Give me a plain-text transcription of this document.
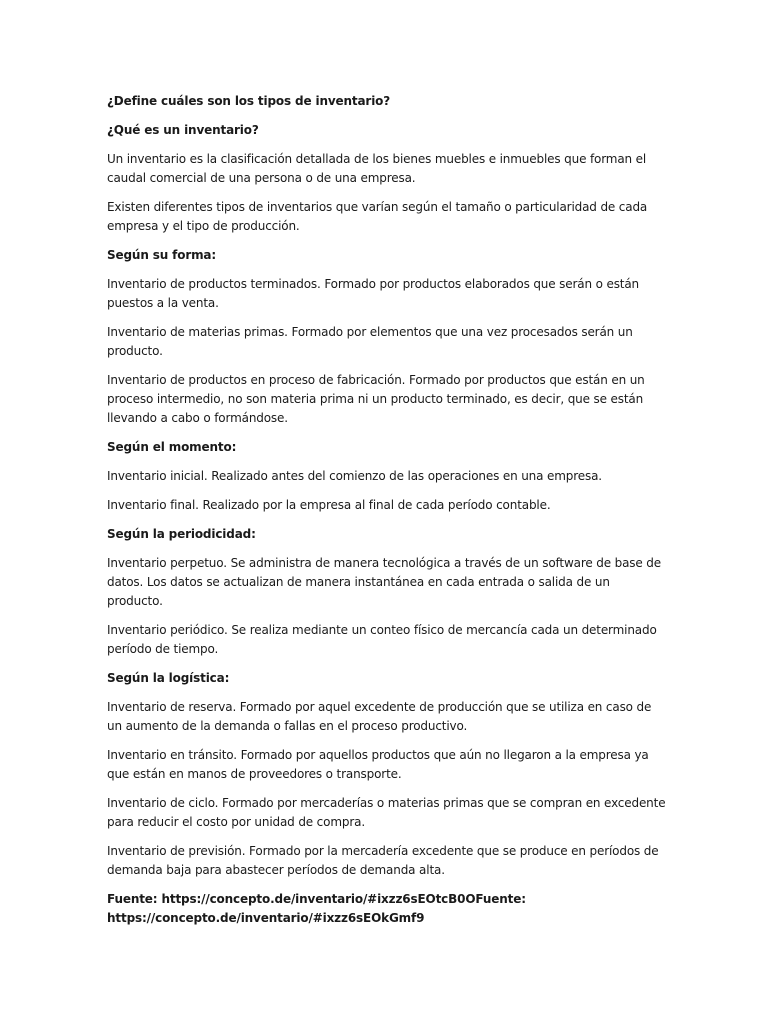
¿Define cuáles son los tipos de inventario?

¿Qué es un inventario?

Un inventario es la clasificación detallada de los bienes muebles e inmuebles que forman el caudal comercial de una persona o de una empresa.

Existen diferentes tipos de inventarios que varían según el tamaño o particularidad de cada empresa y el tipo de producción.

Según su forma:

Inventario de productos terminados. Formado por productos elaborados que serán o están puestos a la venta.

Inventario de materias primas. Formado por elementos que una vez procesados serán un producto.

Inventario de productos en proceso de fabricación. Formado por productos que están en un proceso intermedio, no son materia prima ni un producto terminado, es decir, que se están llevando a cabo o formándose.

Según el momento:

Inventario inicial. Realizado antes del comienzo de las operaciones en una empresa.

Inventario final. Realizado por la empresa al final de cada período contable.

Según la periodicidad:

Inventario perpetuo. Se administra de manera tecnológica a través de un software de base de datos. Los datos se actualizan de manera instantánea en cada entrada o salida de un producto.

Inventario periódico. Se realiza mediante un conteo físico de mercancía cada un determinado período de tiempo.

Según la logística:

Inventario de reserva. Formado por aquel excedente de producción que se utiliza en caso de un aumento de la demanda o fallas en el proceso productivo.

Inventario en tránsito. Formado por aquellos productos que aún no llegaron a la empresa ya que están en manos de proveedores o transporte.

Inventario de ciclo. Formado por mercaderías o materias primas que se compran en excedente para reducir el costo por unidad de compra.

Inventario de previsión. Formado por la mercadería excedente que se produce en períodos de demanda baja para abastecer períodos de demanda alta.

Fuente: https://concepto.de/inventario/#ixzz6sEOtcB0OFuente: https://concepto.de/inventario/#ixzz6sEOkGmf9
